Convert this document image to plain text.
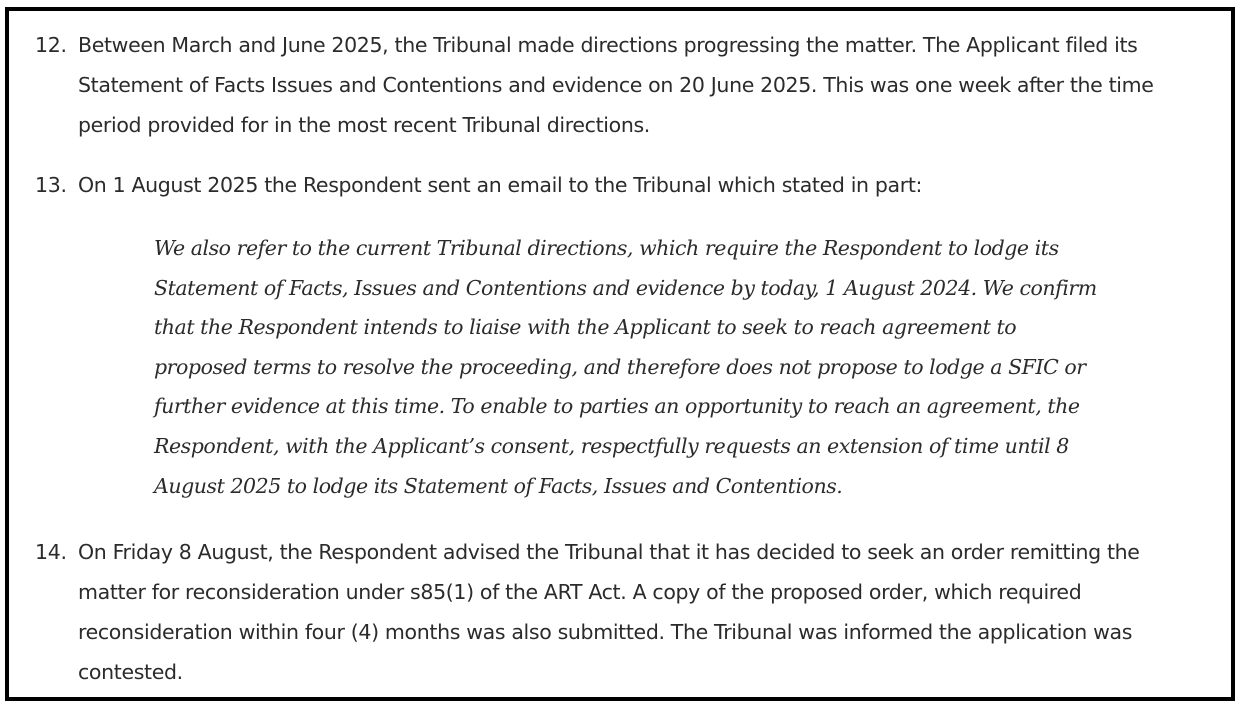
12. Between March and June 2025, the Tribunal made directions progressing the matter. The Applicant filed its
Statement of Facts Issues and Contentions and evidence on 20 June 2025. This was one week after the time
period provided for in the most recent Tribunal directions.
13. On 1 August 2025 the Respondent sent an email to the Tribunal which stated in part:
We also refer to the current Tribunal directions, which require the Respondent to lodge its
Statement of Facts, Issues and Contentions and evidence by today, 1 August 2024. We confirm
that the Respondent intends to liaise with the Applicant to seek to reach agreement to
proposed terms to resolve the proceeding, and therefore does not propose to lodge a SFIC or
further evidence at this time. To enable to parties an opportunity to reach an agreement, the
Respondent, with the Applicant’s consent, respectfully requests an extension of time until 8
August 2025 to lodge its Statement of Facts, Issues and Contentions.
14. On Friday 8 August, the Respondent advised the Tribunal that it has decided to seek an order remitting the
matter for reconsideration under s85(1) of the ART Act. A copy of the proposed order, which required
reconsideration within four (4) months was also submitted. The Tribunal was informed the application was
contested.
